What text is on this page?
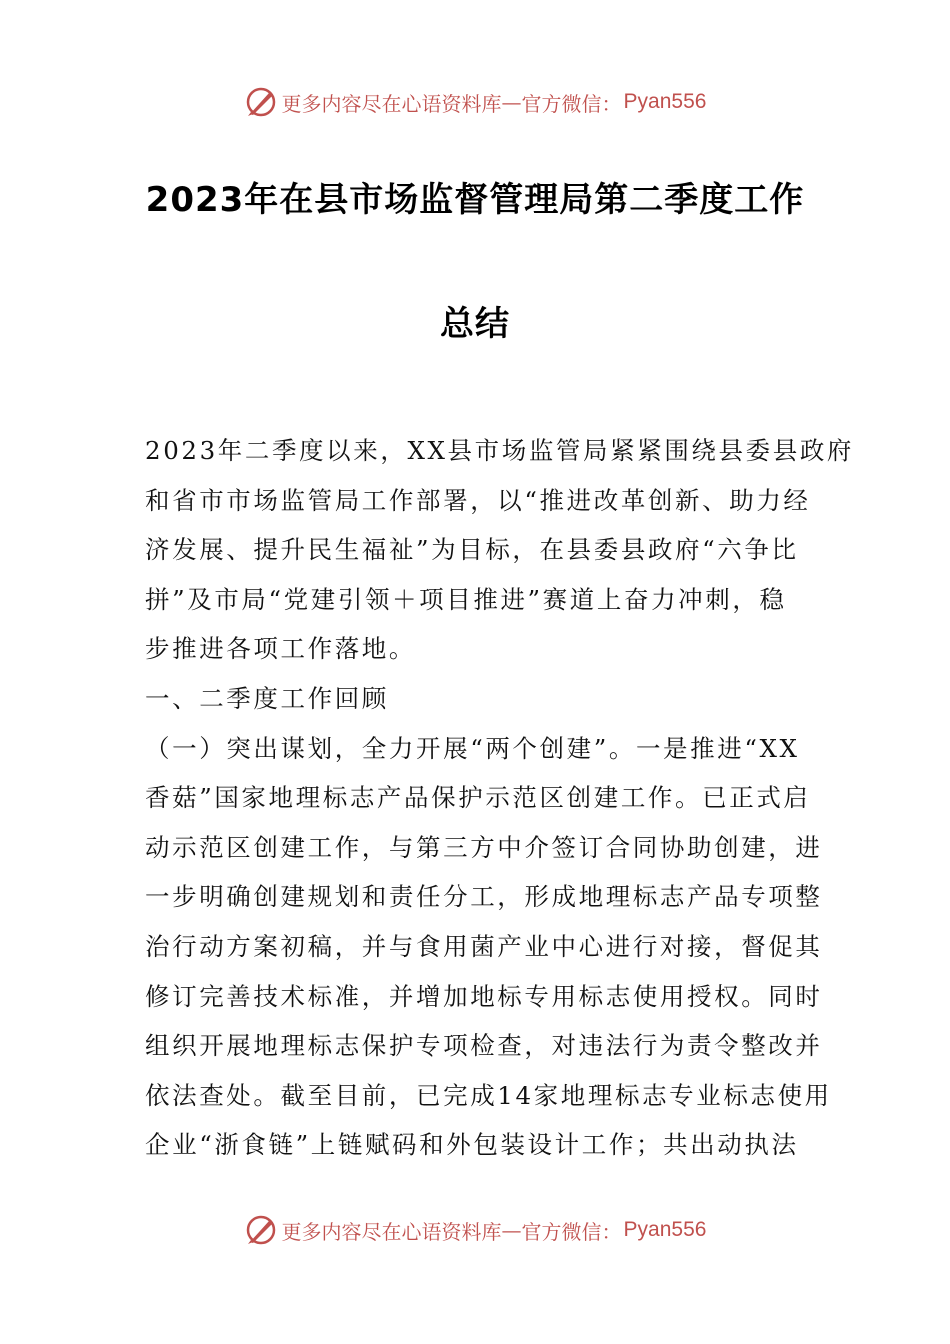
更多内容尽在心语资料库 — 官方微信： Pyan556
2023年在县市场监督管理局第二季度工作
总结
2023年二季度以来，XX县市场监管局紧紧围绕县委县政府
和省市市场监管局工作部署，以“推进改革创新、助力经
济发展、提升民生福祉”为目标，在县委县政府“六争比
拼”及市局“党建引领＋项目推进”赛道上奋力冲刺，稳
步推进各项工作落地。
一、二季度工作回顾
（一）突出谋划，全力开展“两个创建”。一是推进“XX
香菇”国家地理标志产品保护示范区创建工作。已正式启
动示范区创建工作，与第三方中介签订合同协助创建，进
一步明确创建规划和责任分工，形成地理标志产品专项整
治行动方案初稿，并与食用菌产业中心进行对接，督促其
修订完善技术标准，并增加地标专用标志使用授权。同时
组织开展地理标志保护专项检查，对违法行为责令整改并
依法查处。截至目前，已完成14家地理标志专业标志使用
企业“浙食链”上链赋码和外包装设计工作；共出动执法
更多内容尽在心语资料库 — 官方微信： Pyan556
